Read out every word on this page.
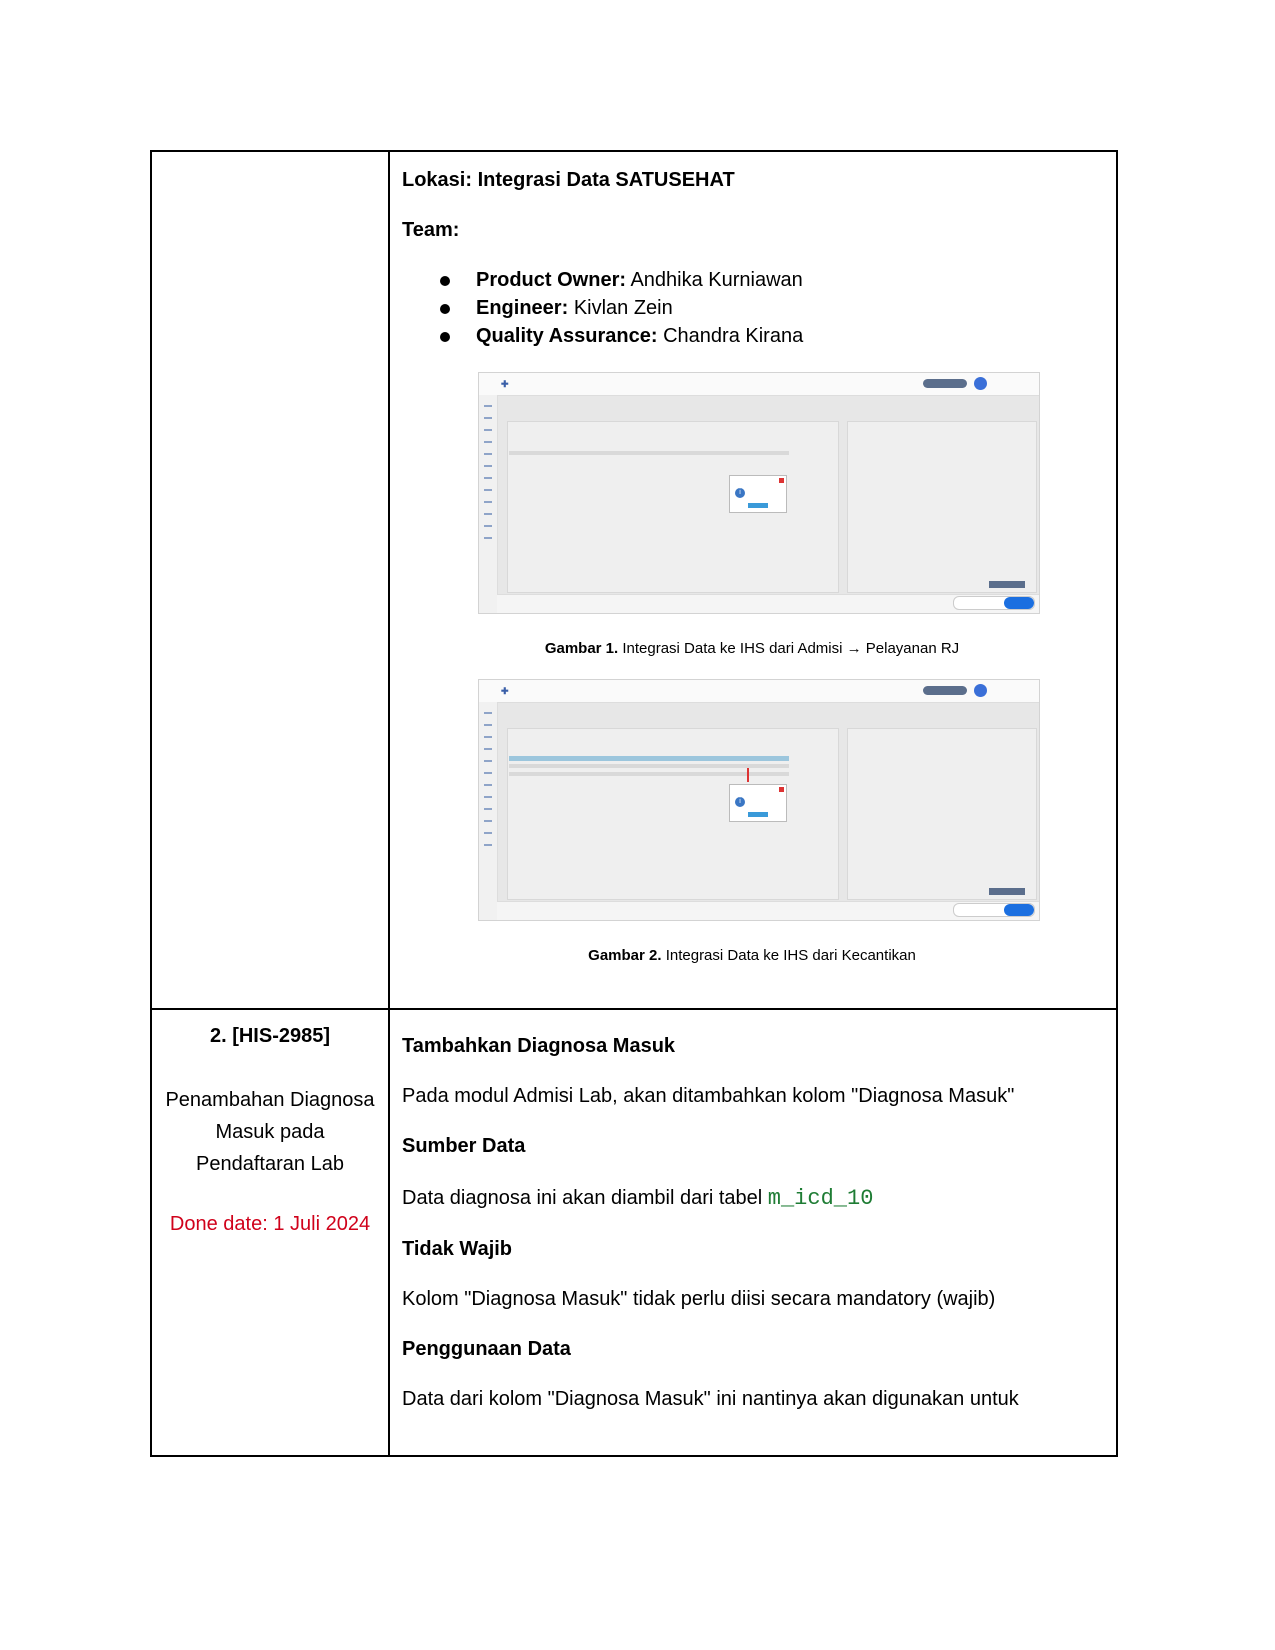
Lokasi: Integrasi Data SATUSEHAT

Team:

Product Owner: Andhika Kurniawan
Engineer: Kivlan Zein
Quality Assurance: Chandra Kirana
✚
i

Gambar 1. Integrasi Data ke IHS dari Admisi → Pelayanan RJ

✚
i

Gambar 2. Integrasi Data ke IHS dari Kecantikan

2. [HIS-2985]

Penambahan Diagnosa Masuk pada Pendaftaran Lab

Done date: 1 Juli 2024

Tambahkan Diagnosa Masuk

Pada modul Admisi Lab, akan ditambahkan kolom "Diagnosa Masuk"

Sumber Data

Data diagnosa ini akan diambil dari tabel m_icd_10

Tidak Wajib

Kolom "Diagnosa Masuk" tidak perlu diisi secara mandatory (wajib)

Penggunaan Data

Data dari kolom "Diagnosa Masuk" ini nantinya akan digunakan untuk
